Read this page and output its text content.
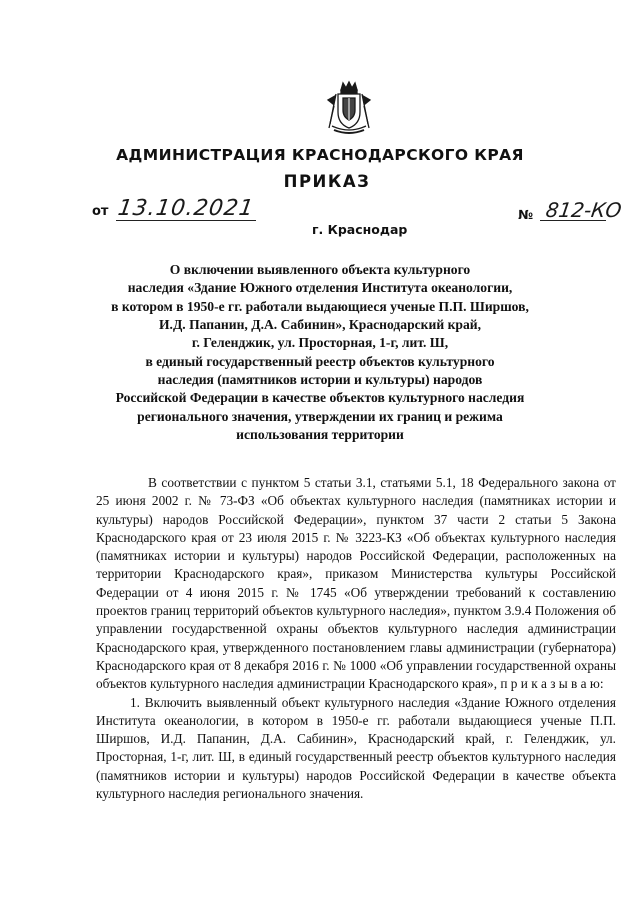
АДМИНИСТРАЦИЯ КРАСНОДАРСКОГО КРАЯ
ПРИКАЗ
от 13.10.2021	№ 812-КО
г. Краснодар
О включении выявленного объекта культурного
наследия «Здание Южного отделения Института океанологии,
в котором в 1950-е гг. работали выдающиеся ученые П.П. Ширшов,
И.Д. Папанин, Д.А. Сабинин», Краснодарский край,
г. Геленджик, ул. Просторная, 1-г, лит. Ш,
в единый государственный реестр объектов культурного
наследия (памятников истории и культуры) народов
Российской Федерации в качестве объектов культурного наследия
регионального значения, утверждении их границ и режима
использования территории

В соответствии с пунктом 5 статьи 3.1, статьями 5.1, 18 Федерального закона от 25 июня 2002 г. № 73-ФЗ «Об объектах культурного наследия (памятниках истории и культуры) народов Российской Федерации», пунктом 37 части 2 статьи 5 Закона Краснодарского края от 23 июля 2015 г. № 3223-КЗ «Об объектах культурного наследия (памятниках истории и культуры) народов Российской Федерации, расположенных на территории Краснодарского края», приказом Министерства культуры Российской Федерации от 4 июня 2015 г. № 1745 «Об утверждении требований к составлению проектов границ территорий объектов культурного наследия», пунктом 3.9.4 Положения об управлении государственной охраны объектов культурного наследия администрации Краснодарского края, утвержденного постановлением главы администрации (губернатора) Краснодарского края от 8 декабря 2016 г. № 1000 «Об управлении государственной охраны объектов культурного наследия администрации Краснодарского края», п р и к а з ы в а ю:

1. Включить выявленный объект культурного наследия «Здание Южного отделения Института океанологии, в котором в 1950-е гг. работали выдающиеся ученые П.П. Ширшов, И.Д. Папанин, Д.А. Сабинин», Краснодарский край, г. Геленджик, ул. Просторная, 1-г, лит. Ш, в единый государственный реестр объектов культурного наследия (памятников истории и культуры) народов Российской Федерации в качестве объекта культурного наследия регионального значения.
